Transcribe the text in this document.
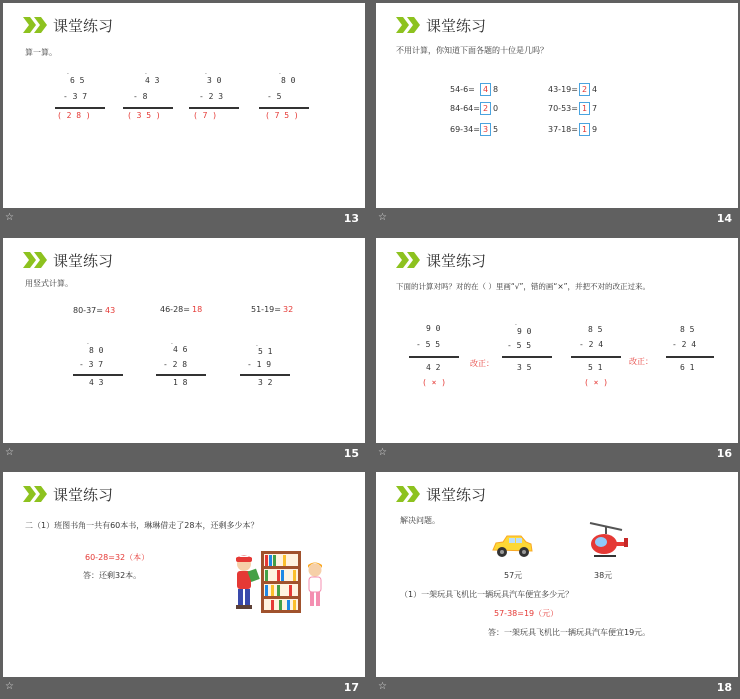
课堂练习
算一算。
·
6 5
- 3 7
( 2 8 )
·
4 3
- 8
( 3 5 )
·
3 0
- 2 3
( 7 )
·
8 0
- 5
( 7 5 )
☆	13
课堂练习
不用计算，你知道下面各题的十位是几吗？
54-6=	4 8	43-19= 2 4
84-64= 2 0	70-53= 1 7
69-34= 3 5	37-18= 1 9
☆	14
课堂练习
用竖式计算。
80-37= 43	46-28= 18	51-19= 32
·
8 0
- 3 7
4 3
·
4 6
- 2 8
1 8
·
5 1
- 1 9
3 2
☆	15
课堂练习
下面的计算对吗？对的在（ ）里画“√”，错的画“×”，并把不对的改正过来。
9 0
- 5 5
4 2
( × )
改正：
·
9 0
- 5 5
3 5
8 5
- 2 4
5 1
( × )
改正：
8 5
- 2 4
6 1
☆	16
课堂练习
二（1）班图书角一共有60本书，琳琳借走了28本，还剩多少本？
60-28=32（本）
答：还剩32本。
☆	17
课堂练习
解决问题。
57元	38元
（1）一架玩具飞机比一辆玩具汽车便宜多少元？
57-38=19（元）
答：一架玩具飞机比一辆玩具汽车便宜19元。
☆	18
